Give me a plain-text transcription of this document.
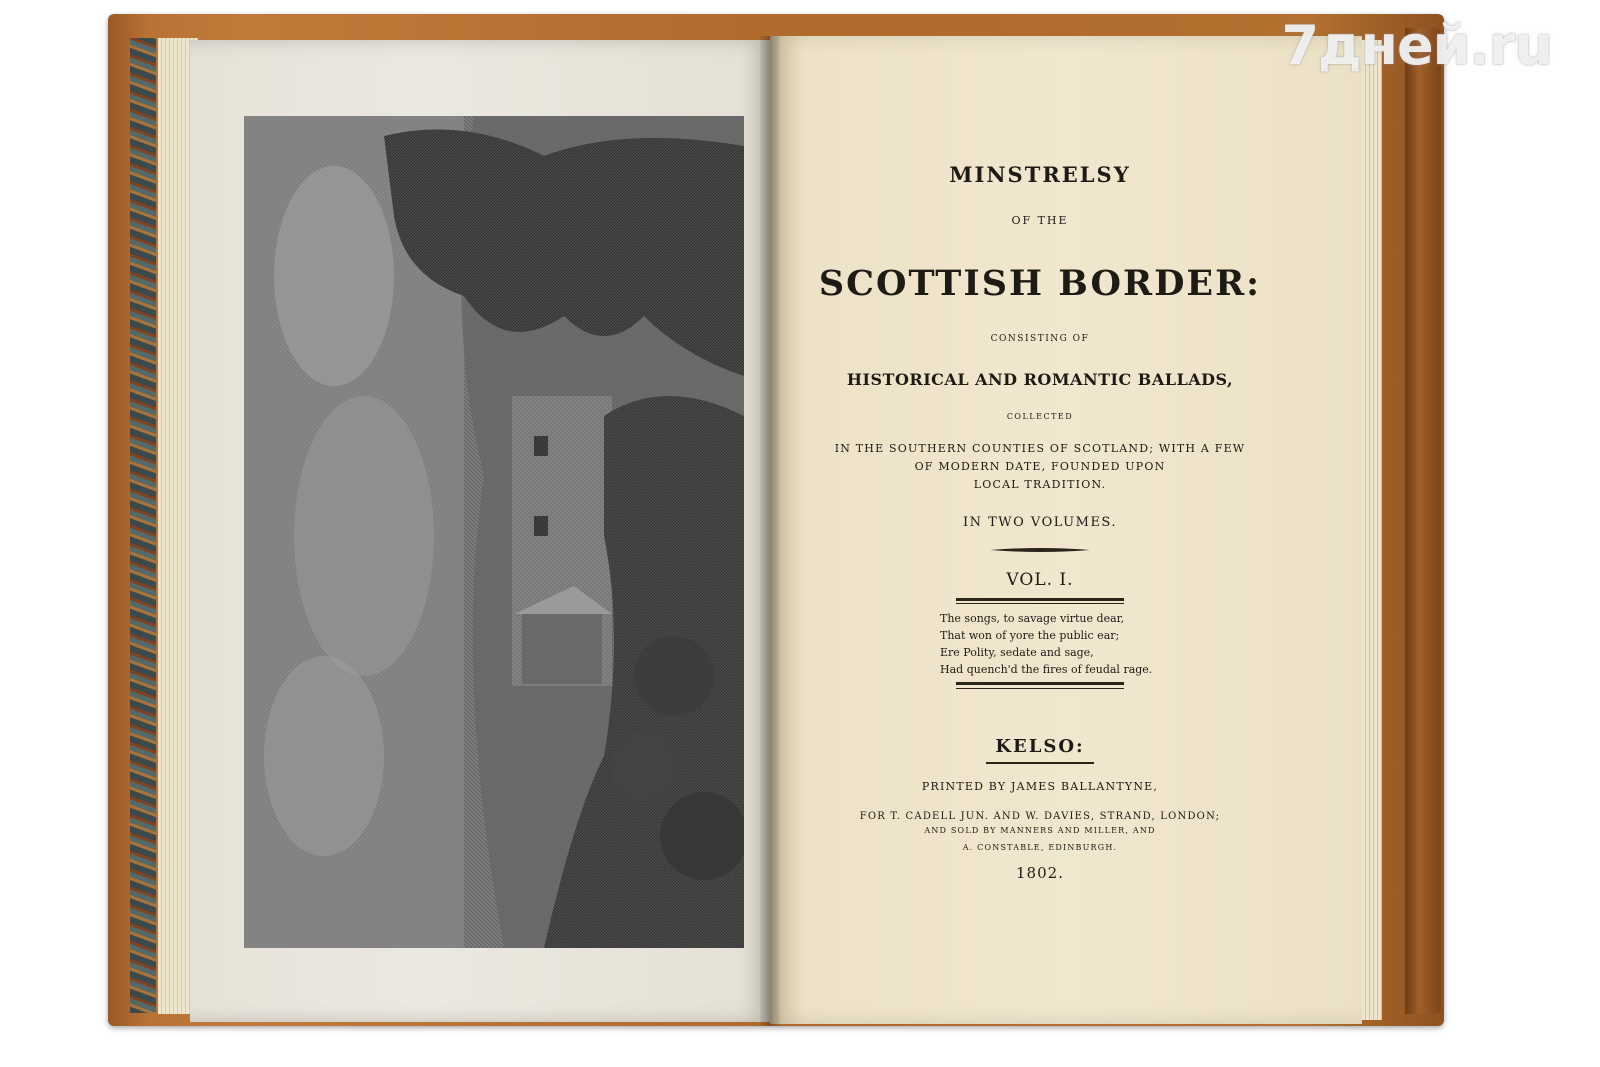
MINSTRELSY
OF THE
SCOTTISH BORDER:
CONSISTING OF
HISTORICAL AND ROMANTIC BALLADS,
COLLECTED
IN THE SOUTHERN COUNTIES OF SCOTLAND; WITH A FEW
OF MODERN DATE, FOUNDED UPON
LOCAL TRADITION.
IN TWO VOLUMES.
VOL. I.
The songs, to savage virtue dear,
That won of yore the public ear;
Ere Polity, sedate and sage,
Had quench'd the fires of feudal rage.
KELSO:
PRINTED BY JAMES BALLANTYNE,
FOR T. CADELL JUN. AND W. DAVIES, STRAND, LONDON;
AND SOLD BY MANNERS AND MILLER, AND
A. CONSTABLE, EDINBURGH.
1802.
7дней.ru
